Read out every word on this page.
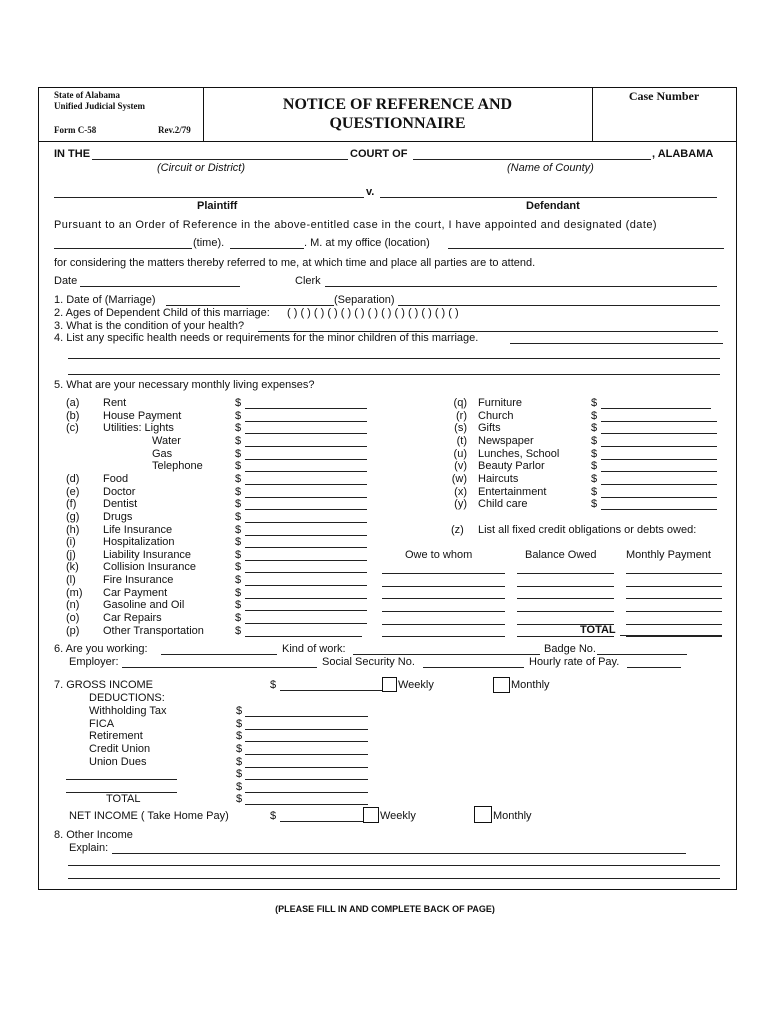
State of Alabama
Unified Judicial System
Form C-58	Rev.2/79
NOTICE OF REFERENCE AND
QUESTIONNAIRE
Case Number
IN THE	COURT OF	, ALABAMA
(Circuit or District)	(Name of County)
v.
Plaintiff	Defendant
Pursuant to an Order of Reference in the above-entitled case in the court, I have appointed and designated (date)
(time).	. M. at my office (location)
for considering the matters thereby referred to me, at which time and place all parties are to attend.
Date	Clerk
1. Date of (Marriage)	(Separation)
2. Ages of Dependent Child of this marriage: ( ) ( ) ( ) ( ) ( ) ( ) ( ) ( ) ( ) ( ) ( ) ( ) ( )
3. What is the condition of your health?
4. List any specific health needs or requirements for the minor children of this marriage.
5. What are your necessary monthly living expenses?
(a) Rent	$
(b) House Payment	$
(c) Utilities: Lights	$
Water	$
Gas	$
Telephone	$
(d) Food	$
(e) Doctor	$
(f) Dentist	$
(g) Drugs	$
(h) Life Insurance	$
(i) Hospitalization	$
(j) Liability Insurance	$
(k) Collision Insurance	$
(l) Fire Insurance	$
(m) Car Payment	$
(n) Gasoline and Oil	$
(o) Car Repairs	$
(p) Other Transportation	$
(q) Furniture	$
(r) Church	$
(s) Gifts	$
(t) Newspaper	$
(u) Lunches, School	$
(v) Beauty Parlor	$
(w) Haircuts	$
(x) Entertainment	$
(y) Child care	$
(z) List all fixed credit obligations or debts owed:
Owe to whom	Balance Owed	Monthly Payment
TOTAL
6. Are you working:	Kind of work:	Badge No.
Employer:	Social Security No.	Hourly rate of Pay.
7. GROSS INCOME	$	Weekly	Monthly
DEDUCTIONS:
Withholding Tax	$
FICA	$
Retirement	$
Credit Union	$
Union Dues	$
$
$
TOTAL	$
NET INCOME ( Take Home Pay)	$	Weekly	Monthly
8. Other Income
Explain:
(PLEASE FILL IN AND COMPLETE BACK OF PAGE)
